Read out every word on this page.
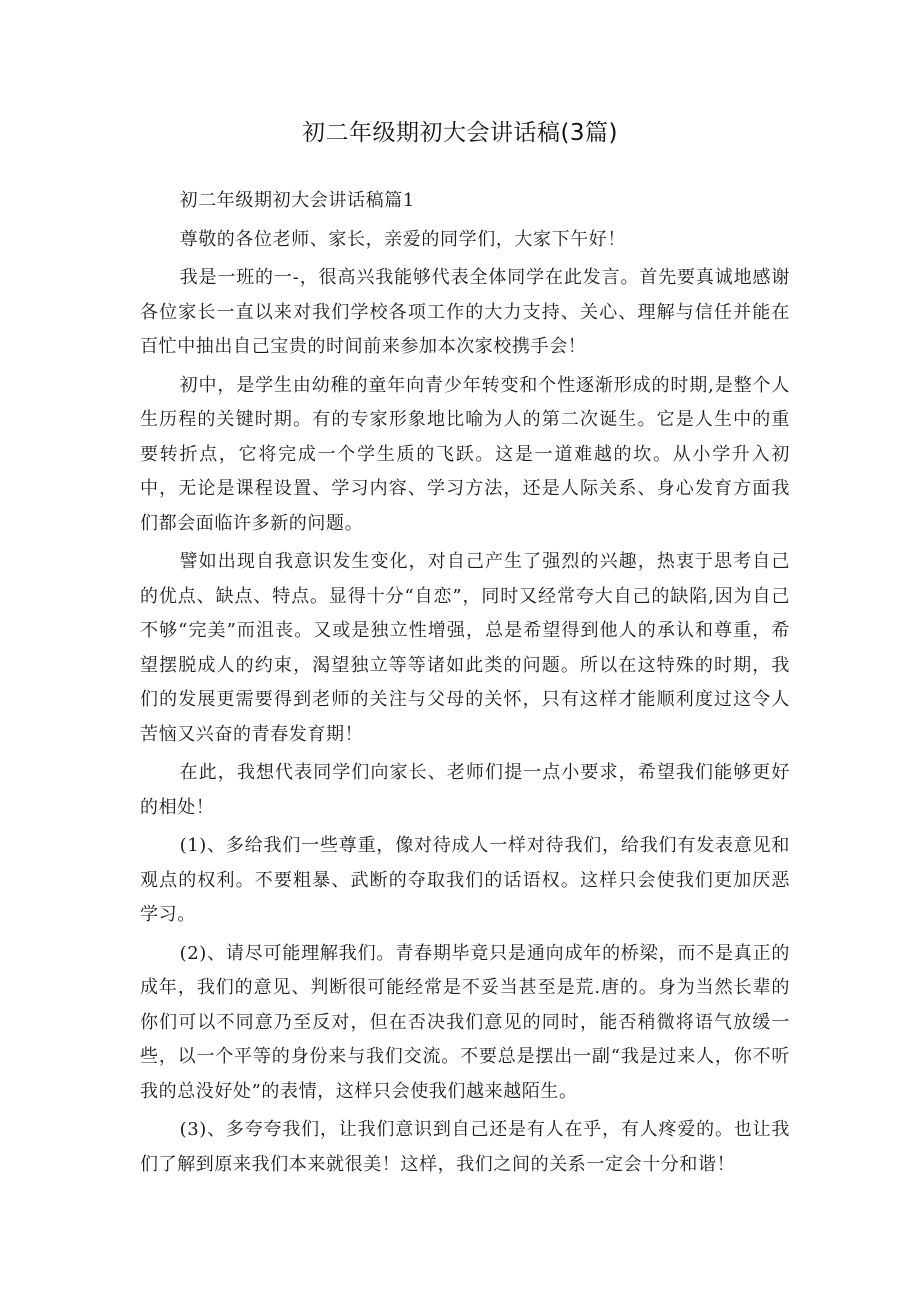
初二年级期初大会讲话稿(3篇)

初二年级期初大会讲话稿篇1

尊敬的各位老师、家长，亲爱的同学们，大家下午好！

我是一班的一-，很高兴我能够代表全体同学在此发言。首先要真诚地感谢各位家长一直以来对我们学校各项工作的大力支持、关心、理解与信任并能在百忙中抽出自己宝贵的时间前来参加本次家校携手会！

初中，是学生由幼稚的童年向青少年转变和个性逐渐形成的时期,是整个人生历程的关键时期。有的专家形象地比喻为人的第二次诞生。它是人生中的重要转折点，它将完成一个学生质的飞跃。这是一道难越的坎。从小学升入初中，无论是课程设置、学习内容、学习方法，还是人际关系、身心发育方面我们都会面临许多新的问题。

譬如出现自我意识发生变化，对自己产生了强烈的兴趣，热衷于思考自己的优点、缺点、特点。显得十分“自恋”，同时又经常夸大自己的缺陷,因为自己不够“完美”而沮丧。又或是独立性增强，总是希望得到他人的承认和尊重，希望摆脱成人的约束，渴望独立等等诸如此类的问题。所以在这特殊的时期，我们的发展更需要得到老师的关注与父母的关怀，只有这样才能顺利度过这令人苦恼又兴奋的青春发育期！

在此，我想代表同学们向家长、老师们提一点小要求，希望我们能够更好的相处！

(1)、多给我们一些尊重，像对待成人一样对待我们，给我们有发表意见和观点的权利。不要粗暴、武断的夺取我们的话语权。这样只会使我们更加厌恶学习。

(2)、请尽可能理解我们。青春期毕竟只是通向成年的桥梁，而不是真正的成年，我们的意见、判断很可能经常是不妥当甚至是荒.唐的。身为当然长辈的你们可以不同意乃至反对，但在否决我们意见的同时，能否稍微将语气放缓一些，以一个平等的身份来与我们交流。不要总是摆出一副“我是过来人，你不听我的总没好处”的表情，这样只会使我们越来越陌生。

(3)、多夸夸我们，让我们意识到自己还是有人在乎，有人疼爱的。也让我们了解到原来我们本来就很美！这样，我们之间的关系一定会十分和谐！
